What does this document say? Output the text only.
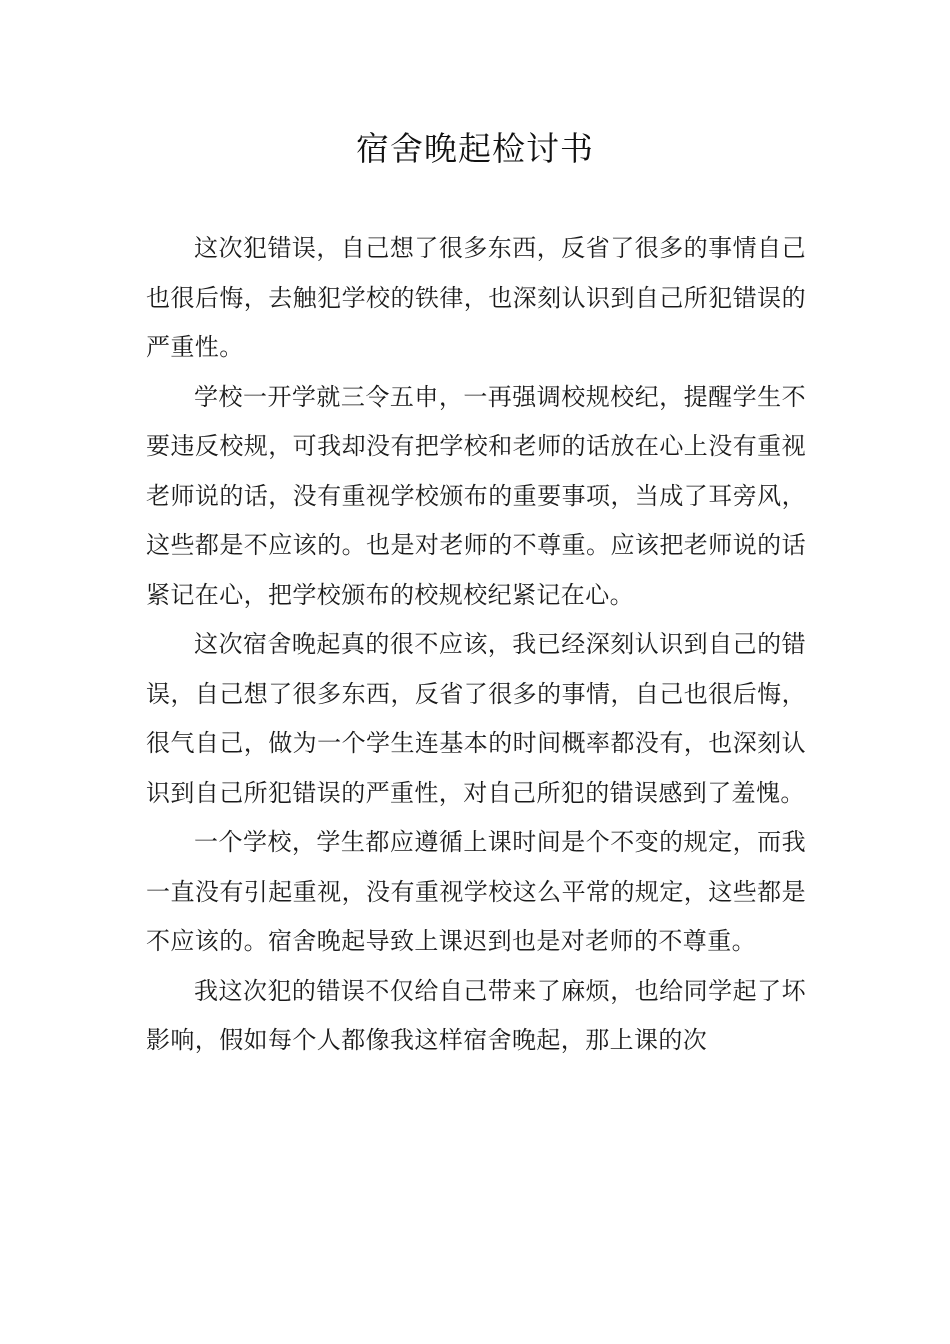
宿舍晚起检讨书

这次犯错误，自己想了很多东西，反省了很多的事情自己也很后悔，去触犯学校的铁律，也深刻认识到自己所犯错误的严重性。

学校一开学就三令五申，一再强调校规校纪，提醒学生不要违反校规，可我却没有把学校和老师的话放在心上没有重视老师说的话，没有重视学校颁布的重要事项，当成了耳旁风，这些都是不应该的。也是对老师的不尊重。应该把老师说的话紧记在心，把学校颁布的校规校纪紧记在心。

这次宿舍晚起真的很不应该，我已经深刻认识到自己的错误，自己想了很多东西，反省了很多的事情，自己也很后悔，很气自己，做为一个学生连基本的时间概率都没有，也深刻认识到自己所犯错误的严重性，对自己所犯的错误感到了羞愧。

一个学校，学生都应遵循上课时间是个不变的规定，而我一直没有引起重视，没有重视学校这么平常的规定，这些都是不应该的。宿舍晚起导致上课迟到也是对老师的不尊重。

我这次犯的错误不仅给自己带来了麻烦，也给同学起了坏影响，假如每个人都像我这样宿舍晚起，那上课的次
